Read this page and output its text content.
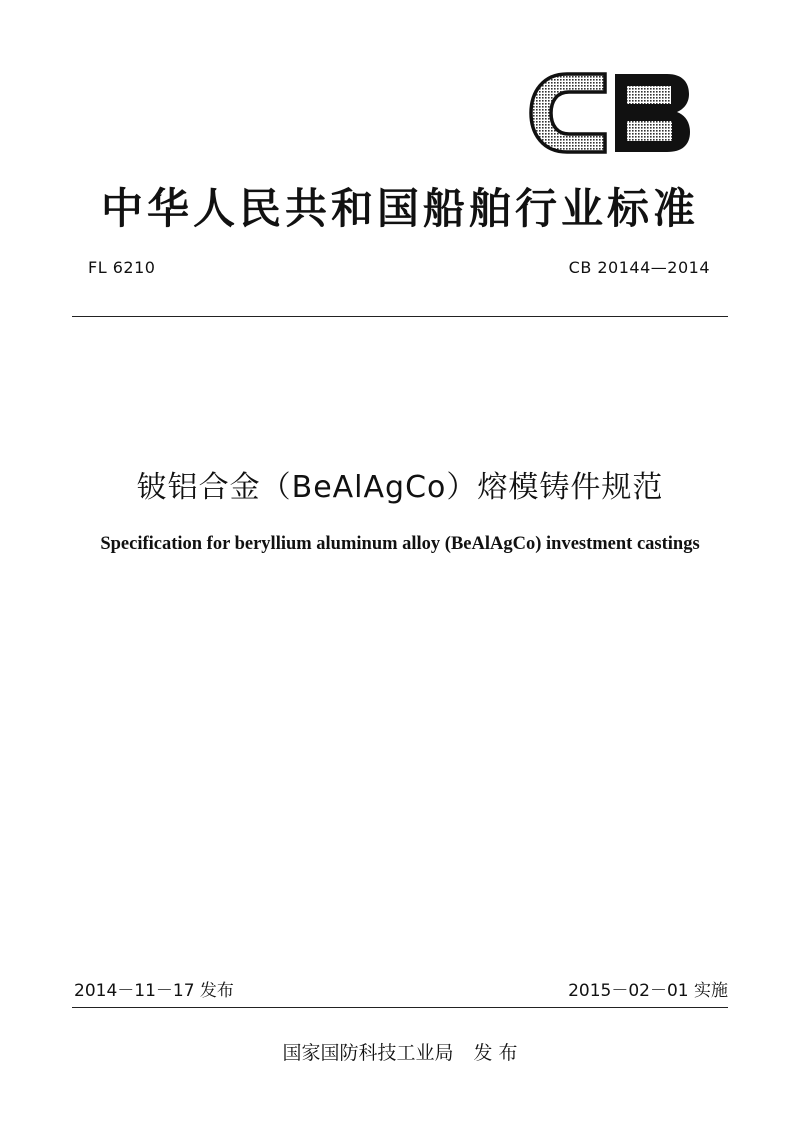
中华人民共和国船舶行业标准
FL 6210	CB 20144—2014
铍铝合金（BeAlAgCo）熔模铸件规范
Specification for beryllium aluminum alloy (BeAlAgCo) investment castings
2014－11－17 发布	2015－02－01 实施
国家国防科技工业局 发 布
